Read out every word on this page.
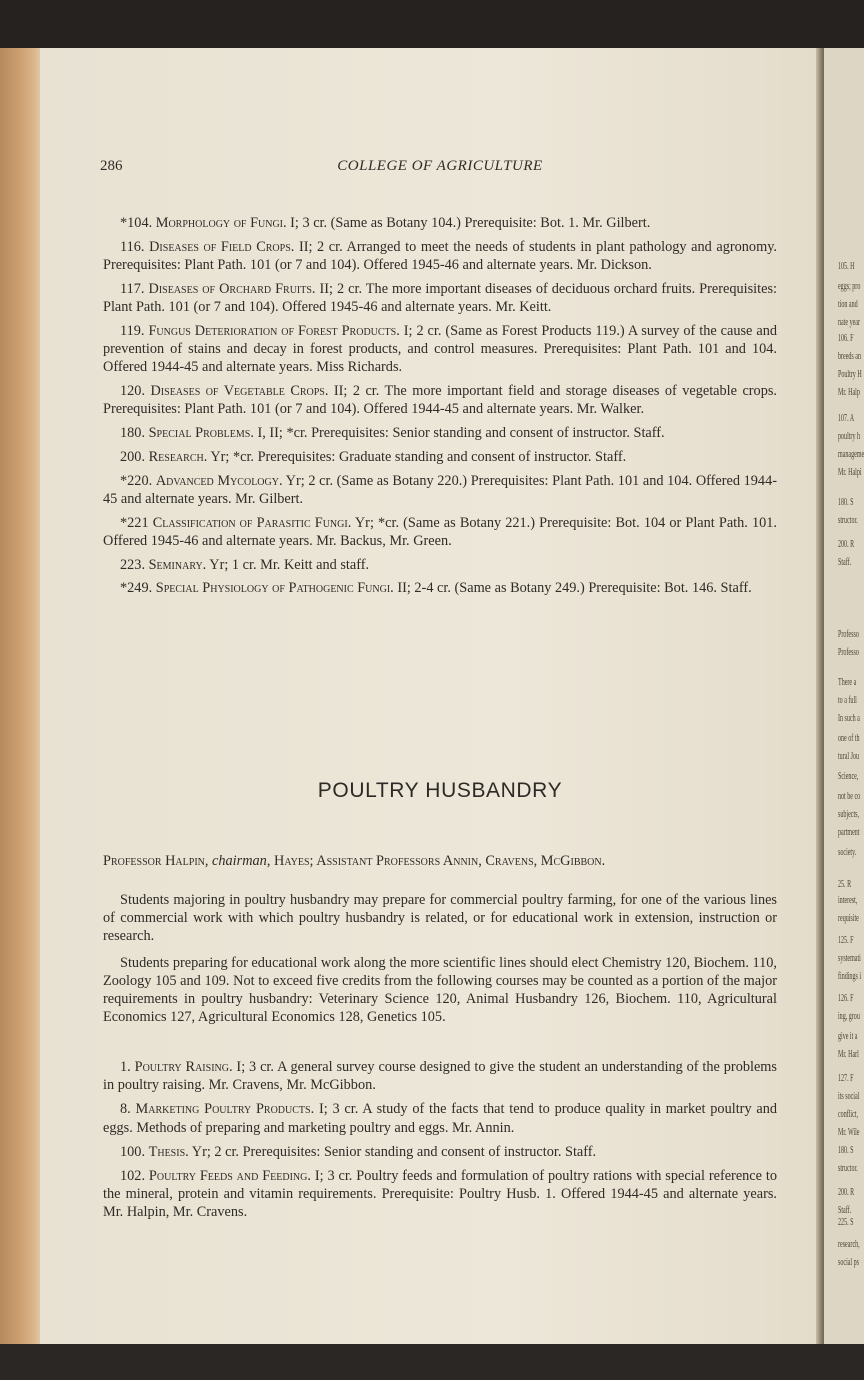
105. H
eggs; pro
tion and
nate year
106. F
breeds an
Poultry H
Mr. Halp
107. A
poultry h
manageme
Mr. Halpi
180. S
structor.
200. R
Staff.
Professo
Professo
There a
to a full
In such a
one of th
tural Jou
Science,
not be co
subjects,
partment
society.
25. R
interest,
requisite
125. F
systemati
findings i
126. F
ing, grou
give it a
Mr. Harl
127. F
its social
conflict,
Mr. Wile
180. S
structor.
200. R
Staff.
225. S
research,
social ps
286	COLLEGE OF AGRICULTURE

*104. Morphology of Fungi. I; 3 cr. (Same as Botany 104.) Prerequisite: Bot. 1. Mr. Gilbert.

116. Diseases of Field Crops. II; 2 cr. Arranged to meet the needs of students in plant pathology and agronomy. Prerequisites: Plant Path. 101 (or 7 and 104). Offered 1945-46 and alternate years. Mr. Dickson.

117. Diseases of Orchard Fruits. II; 2 cr. The more important diseases of deciduous orchard fruits. Prerequisites: Plant Path. 101 (or 7 and 104). Offered 1945-46 and alternate years. Mr. Keitt.

119. Fungus Deterioration of Forest Products. I; 2 cr. (Same as Forest Products 119.) A survey of the cause and prevention of stains and decay in forest products, and control measures. Prerequisites: Plant Path. 101 and 104. Offered 1944-45 and alternate years. Miss Richards.

120. Diseases of Vegetable Crops. II; 2 cr. The more important field and storage diseases of vegetable crops. Prerequisites: Plant Path. 101 (or 7 and 104). Offered 1944-45 and alternate years. Mr. Walker.

180. Special Problems. I, II; *cr. Prerequisites: Senior standing and consent of instructor. Staff.

200. Research. Yr; *cr. Prerequisites: Graduate standing and consent of instructor. Staff.

*220. Advanced Mycology. Yr; 2 cr. (Same as Botany 220.) Prerequisites: Plant Path. 101 and 104. Offered 1944-45 and alternate years. Mr. Gilbert.

*221 Classification of Parasitic Fungi. Yr; *cr. (Same as Botany 221.) Prerequisite: Bot. 104 or Plant Path. 101. Offered 1945-46 and alternate years. Mr. Backus, Mr. Green.

223. Seminary. Yr; 1 cr. Mr. Keitt and staff.

*249. Special Physiology of Pathogenic Fungi. II; 2-4 cr. (Same as Botany 249.) Prerequisite: Bot. 146. Staff.

POULTRY HUSBANDRY
Professor Halpin, chairman, Hayes; Assistant Professors Annin, Cravens, McGibbon.

Students majoring in poultry husbandry may prepare for commercial poultry farming, for one of the various lines of commercial work with which poultry husbandry is related, or for educational work in extension, instruction or research.

Students preparing for educational work along the more scientific lines should elect Chemistry 120, Biochem. 110, Zoology 105 and 109. Not to exceed five credits from the following courses may be counted as a portion of the major requirements in poultry husbandry: Veterinary Science 120, Animal Husbandry 126, Biochem. 110, Agricultural Economics 127, Agricultural Economics 128, Genetics 105.

1. Poultry Raising. I; 3 cr. A general survey course designed to give the student an understanding of the problems in poultry raising. Mr. Cravens, Mr. McGibbon.

8. Marketing Poultry Products. I; 3 cr. A study of the facts that tend to produce quality in market poultry and eggs. Methods of preparing and marketing poultry and eggs. Mr. Annin.

100. Thesis. Yr; 2 cr. Prerequisites: Senior standing and consent of instructor. Staff.

102. Poultry Feeds and Feeding. I; 3 cr. Poultry feeds and formulation of poultry rations with special reference to the mineral, protein and vitamin requirements. Prerequisite: Poultry Husb. 1. Offered 1944-45 and alternate years. Mr. Halpin, Mr. Cravens.
